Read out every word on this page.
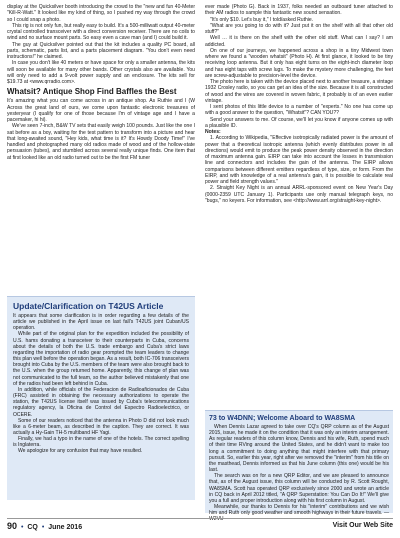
display at the Quicksilver booth introducing the crowd to the "new and fun 40-Meter "Kill-R-Watt." It looked like my kind of thing, so I pushed my way through the crowd so I could snap a photo.

This rig is not only fun, but really easy to build. It's a 500-milliwatt output 40-meter crystal controlled transceiver with a direct conversion receiver. There are no coils to wind and no surface mount parts. So easy even a cave man (and I) could build it.

The guy at Quicksilver pointed out that the kit includes a quality PC board, all parts, schematic, parts list, and a parts placement diagram. "You don't even need instructions!" he claimed.

In case you don't like 40 meters or have space for only a smaller antenna, the kits will soon be available for many other bands. Other crystals also are available. You will only need to add a 9-volt power supply and an enclosure. The kits sell for $19.73 at <www.qrradio.com>.

Whatsit? Antique Shop Find Baffles the Best

It's amazing what you can come across in an antique shop. As Ruthie and I (W Across the great land of ours, we come upon fantastic electronic treasures of yesteryear (I qualify for one of those because I'm of vintage age and I have a pacemaker, hi hi).

We've seen 7-inch, B&W TV sets that easily weigh 100 pounds. Just like the one I sat before as a boy, waiting for the test pattern to transform into a picture and hear that long-awaited sound, "Hey kids, what time is it? It's Howdy Doody Time!" I've handled and photographed many old radios made of wood and of the hollow-state persuasion (tubes), and stumbled across several really unique finds. One item that at first looked like an old radio turned out to be the first FM tuner

Update/Clarification on T42US Article

It appears that some clarification is in order regarding a few details of the article we published in the April issue on last fall's T42US joint Cuban/US operation.

While part of the original plan for the expedition included the possibility of U.S. hams donating a transceiver to their counterparts in Cuba, concerns about the details of both the U.S. trade embargo and Cuba's strict laws regarding the importation of radio gear prompted the team leaders to change this plan well before the operation began. As a result, both IC-706 transceivers brought into Cuba by the U.S. members of the team were also brought back to the U.S. when the group returned home. Apparently, this change of plan was not communicated to the full team, so the author believed mistakenly that one of the radios had been left behind in Cuba.

In addition, while officials of the Federacion de Radioaficionados de Cuba (FRC) assisted in obtaining the necessary authorizations to operate the station, the T42US license itself was issued by Cuba's telecommunications regulatory agency, la Oficina de Control del Espectro Radioelectrico, or OCERE.

Some of our readers noticed that the antenna in Photo D did not look much like a 6-meter beam, as described in the caption. They are correct. It was actually a Hy-Gain TH-5 multiband HF Yagi.

Finally, we had a typo in the name of one of the hotels. The correct spelling is Inglaterra.

We apologize for any confusion that may have resulted.

ever made (Photo G). Back in 1937, folks needed an outboard tuner attached to their AM radios to sample this fantastic new sound sensation.

"It's only $10. Let's buy it," I told/asked Ruthie.

"What are you going to do with it? Just put it on the shelf with all that other old stuff?"

Well … it is there on the shelf with the other old stuff. What can I say? I am addicted.

On one of our journeys, we happened across a shop in a tiny Midwest town where we found a "wooden whatsit" (Photo H). At first glance, it looked to be tiny receiving loop antenna. But it only has eight turns on the eight-inch diameter loop and has eight taps with screw lugs. To make the mystery more challenging, the feet are screw-adjustable to precision-level the device.

The photo here is taken with the device placed next to another treasure, a vintage 1932 Crosley radio, so you can get an idea of the size. Because it is all constructed of wood and the wires are covered in woven fabric, it probably is of an even earlier vintage.

I sent photos of this little device to a number of "experts." No one has come up with a good answer to the question, "Whatsit"? CAN YOU??

Send your answers to me. Of course, we'll let you know if anyone comes up with a plausible ID.

Notes:

1. According to Wikipedia, "Effective isotropically radiated power is the amount of power that a theoretical isotropic antenna (which evenly distributes power in all directions) would emit to produce the peak power density observed in the direction of maximum antenna gain. EIRP can take into account the losses in transmission line and connectors and includes the gain of the antenna. The EIRP allows comparisons between different emitters regardless of type, size, or form. From the EIRP, and with knowledge of a real antenna's gain, it is possible to calculate real power and field strength values."

2. Straight Key Night is an annual ARRL-sponsored event on New Year's Day (0000-2359 UTC January 1). Participants use only manual telegraph keys, no "bugs," no keyers. For information, see <http://www.arrl.org/straight-key-night>.

73 to W4DNN; Welcome Aboard to WA8SMA

When Dennis Lazar agreed to take over CQ's QRP column as of the August 2015, issue, he made it on the condition that it was only an interim arrangement. As regular readers of this column know, Dennis and his wife, Ruth, spend much of their time RVing around the United States, and he didn't want to make too long a commitment to doing anything that might interfere with that primary pursuit. So, earlier this year, right after we removed the "interim" from his title on the masthead, Dennis informed us that his June column (this one) would be his last.

The search was on for a new QRP Editor, and we are pleased to announce that, as of the August issue, this column will be conducted by R. Scott Rought, WA8SMA. Scott has operated QRP exclusively since 2000 and wrote an article in CQ back in April 2012 titled, "A QRP Superstation: You Can Do It!" We'll give you a full and proper introduction along with his first column in August.

Meanwhile, our thanks to Dennis for his "interim" contributions and we wish him and Ruth only good weather and smooth highways in their future travels. — W2VU

90 • CQ • June 2016	Visit Our Web Site
